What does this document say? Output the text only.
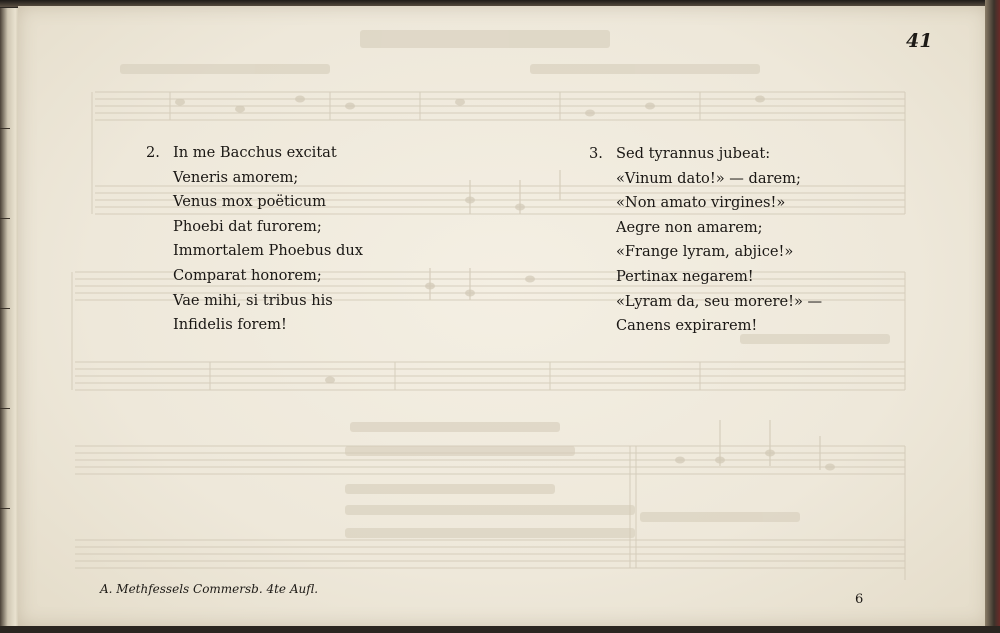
41
2. In me Bacchus excitat
Veneris amorem;
Venus mox poëticum
Phoebi dat furorem;
Immortalem Phoebus dux
Comparat honorem;
Vae mihi, si tribus his
Infidelis forem!
3. Sed tyrannus jubeat:
«Vinum dato!» — darem;
«Non amato virgines!»
Aegre non amarem;
«Frange lyram, abjice!»
Pertinax negarem!
«Lyram da, seu morere!» —
Canens expirarem!
A. Methfessels Commersb. 4te Aufl.
6
